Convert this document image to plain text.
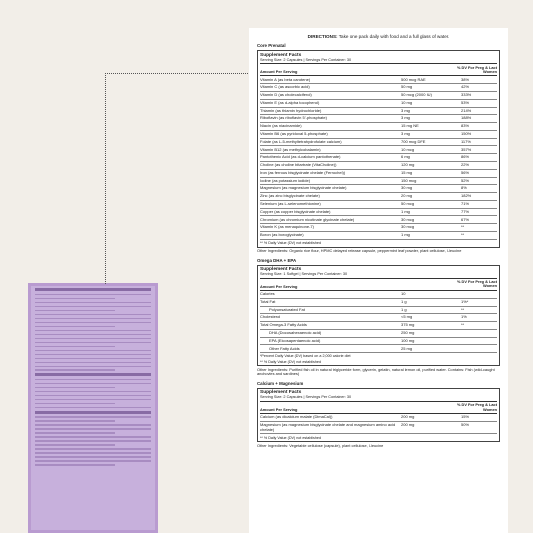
DIRECTIONS: Take one pack daily with food and a full glass of water.

Core Prenatal
Supplement Facts
Serving Size: 2 Capsules | Servings Per Container: 30
Amount Per Serving
% DV For Preg & Lact Women
Vitamin A (as beta carotene)	500 mcg RAE	38%
Vitamin C (as ascorbic acid)	50 mg	42%
Vitamin D (as cholecalciferol)	50 mcg (2000 IU)	333%
Vitamin E (as d-alpha tocopherol)	10 mg	53%
Thiamin (as thiamin hydrochloride)	3 mg	214%
Riboflavin (as riboflavin 5’-phosphate)	3 mg	188%
Niacin (as niacinamide)	15 mg NE	83%
Vitamin B6 (as pyridoxal 5-phosphate)	3 mg	150%
Folate (as L-5-methyltetrahydrofolate calcium)	700 mcg DFE	117%
Vitamin B12 (as methylcobalamin)	10 mcg	357%
Pantothenic Acid (as d-calcium pantothenate)	6 mg	86%
Choline (as choline bitartrate (VitaCholine))	120 mg	22%
Iron (as ferrous bisglycinate chelate (Ferrochel))	15 mg	56%
Iodine (as potassium iodide)	150 mcg	52%
Magnesium (as magnesium bisglycinate chelate)	30 mg	8%
Zinc (as zinc bisglycinate chelate)	20 mg	182%
Selenium (as L-selenomethionine)	50 mcg	71%
Copper (as copper bisglycinate chelate)	1 mg	77%
Chromium (as chromium nicotinate glycinate chelate)	30 mcg	67%
Vitamin K (as menaquinone-7)	30 mcg	**
Boron (as boroglycinate)	1 mg	**
** % Daily Value (DV) not established
Other Ingredients: Organic rice flour, HPMC delayed release capsule, peppermint leaf powder, plant cellulose, l-leucine
Omega DHA + EPA
Supplement Facts
Serving Size: 1 Softgel | Servings Per Container: 30
Amount Per Serving
% DV For Preg & Lact Women
Calories	10	
Total Fat	1 g	1%*
Polyunsaturated Fat	1 g	**
Cholesterol	<5 mg	1%
Total Omega-3 Fatty Acids	375 mg	**
DHA (Docosahexaenoic acid)	250 mg	
EPA (Eicosapentaenoic acid)	100 mg	
Other Fatty Acids	25 mg	
*Percent Daily Value (DV) based on a 2,000 calorie diet
** % Daily Value (DV) not established
Other Ingredients: Purified fish oil in natural triglyceride form, glycerin, gelatin, natural lemon oil, purified water. Contains: Fish (wild-caught anchovies and sardines)
Calcium + Magnesium
Supplement Facts
Serving Size: 2 Capsules | Servings Per Container: 30
Amount Per Serving
% DV For Preg & Lact Women
Calcium (as dicalcium malate (DimaCal))	200 mg	15%
Magnesium (as magnesium bisglycinate chelate and magnesium amino acid chelate)	200 mg	50%
** % Daily Value (DV) not established
Other Ingredients: Vegetable cellulose (capsule), plant cellulose, l-leucine
